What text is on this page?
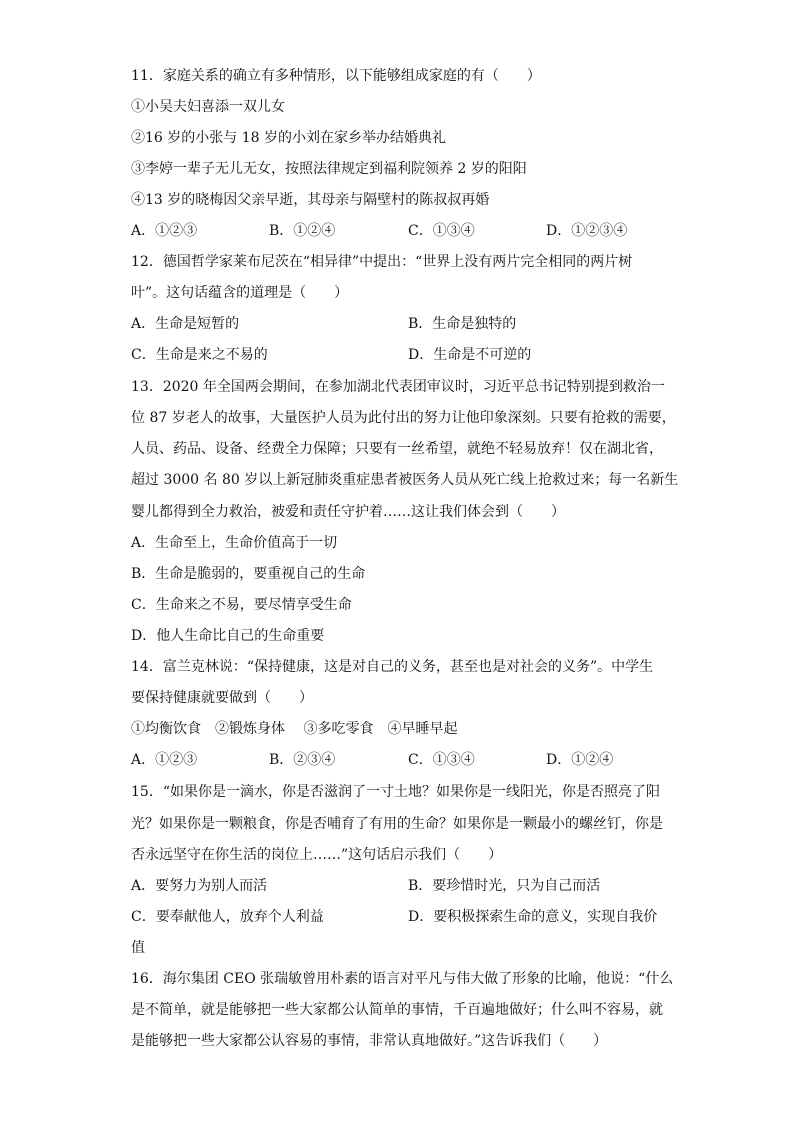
11．家庭关系的确立有多种情形，以下能够组成家庭的有（　　）
①小吴夫妇喜添一双儿女
②16 岁的小张与 18 岁的小刘在家乡举办结婚典礼
③李婷一辈子无儿无女，按照法律规定到福利院领养 2 岁的阳阳
④13 岁的晓梅因父亲早逝，其母亲与隔壁村的陈叔叔再婚
A．①②③	B．①②④	C．①③④	D．①②③④
12．德国哲学家莱布尼茨在“相异律”中提出：“世界上没有两片完全相同的两片树
叶”。这句话蕴含的道理是（　　）
A．生命是短暂的	B．生命是独特的
C．生命是来之不易的	D．生命是不可逆的
13．2020 年全国两会期间，在参加湖北代表团审议时，习近平总书记特别提到救治一
位 87 岁老人的故事，大量医护人员为此付出的努力让他印象深刻。只要有抢救的需要，
人员、药品、设备、经费全力保障；只要有一丝希望，就绝不轻易放弃！仅在湖北省，
超过 3000 名 80 岁以上新冠肺炎重症患者被医务人员从死亡线上抢救过来；每一名新生
婴儿都得到全力救治，被爱和责任守护着……这让我们体会到（　　）
B．生命是脆弱的，要重视自己的生命
A．生命至上，生命价值高于一切
C．生命来之不易，要尽情享受生命
D．他人生命比自己的生命重要
14．富兰克林说：“保持健康，这是对自己的义务，甚至也是对社会的义务”。中学生
要保持健康就要做到（　　）
①均衡饮食　②锻炼身体　 ③多吃零食　④早睡早起
A．①②③	B．②③④	C．①③④	D．①②④
15．“如果你是一滴水，你是否滋润了一寸土地？如果你是一线阳光，你是否照亮了阳
光？如果你是一颗粮食，你是否哺育了有用的生命？如果你是一颗最小的螺丝钉，你是
否永远坚守在你生活的岗位上……”这句话启示我们（　　）
A．要努力为别人而活	B．要珍惜时光，只为自己而活
C．要奉献他人，放弃个人利益	D．要积极探索生命的意义，实现自我价
值
16．海尔集团 CEO 张瑞敏曾用朴素的语言对平凡与伟大做了形象的比喻，他说：“什么
是不简单，就是能够把一些大家都公认简单的事情，千百遍地做好；什么叫不容易，就
是能够把一些大家都公认容易的事情，非常认真地做好。”这告诉我们（　　）
